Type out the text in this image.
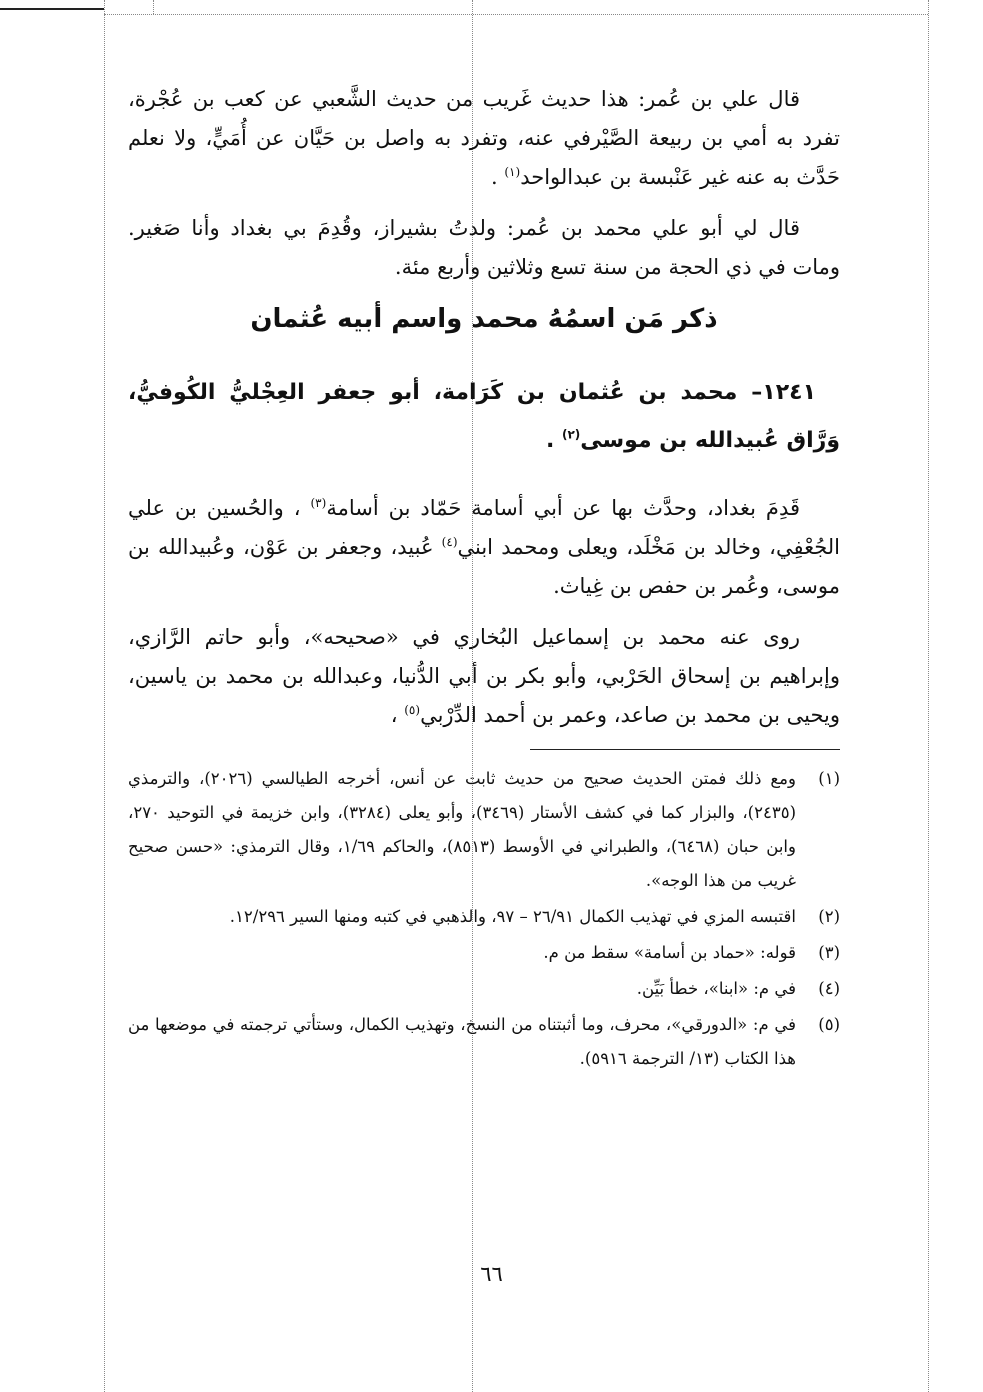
قال علي بن عُمر: هذا حديث غَريب من حديث الشَّعبي عن كعب بن عُجْرة، تفرد به أمي بن ربيعة الصَّيْرفي عنه، وتفرد به واصل بن حَيَّان عن أُمَيٍّ، ولا نعلم حَدَّث به عنه غير عَنْبسة بن عبدالواحد$^{(١)}$ .

قال لي أبو علي محمد بن عُمر: ولدتُ بشيراز، وقُدِمَ بي بغداد وأنا صَغير. ومات في ذي الحجة من سنة تسع وثلاثين وأربع مئة.

ذكر مَن اسمُهُ محمد واسم أبيه عُثمان

١٢٤١– محمد بن عُثمان بن كَرَامة، أبو جعفر العِجْليُّ الكُوفيُّ، وَرَّاق عُبيدالله بن موسى$^{(٢)}$ .

قَدِمَ بغداد، وحدَّث بها عن أبي أسامة حَمّاد بن أسامة$^{(٣)}$ ، والحُسين بن علي الجُعْفِي، وخالد بن مَخْلَد، ويعلى ومحمد ابني$^{(٤)}$ عُبيد، وجعفر بن عَوْن، وعُبيدالله بن موسى، وعُمر بن حفص بن غِياث.

روى عنه محمد بن إسماعيل البُخاري في «صحيحه»، وأبو حاتم الرَّازي، وإبراهيم بن إسحاق الحَرْبي، وأبو بكر بن أبي الدُّنيا، وعبدالله بن محمد بن ياسين، ويحيى بن محمد بن صاعد، وعمر بن أحمد الدِّرْبي$^{(٥)}$ ،

(١)
ومع ذلك فمتن الحديث صحيح من حديث ثابت عن أنس، أخرجه الطيالسي (٢٠٢٦)، والترمذي (٢٤٣٥)، والبزار كما في كشف الأستار (٣٤٦٩)، وأبو يعلى (٣٢٨٤)، وابن خزيمة في التوحيد ٢٧٠، وابن حبان (٦٤٦٨)، والطبراني في الأوسط (٨٥١٣)، والحاكم ١/٦٩، وقال الترمذي: «حسن صحيح غريب من هذا الوجه».
(٢)
اقتبسه المزي في تهذيب الكمال ٢٦/٩١ – ٩٧، والذهبي في كتبه ومنها السير ١٢/٢٩٦.
(٣)
قوله: «حماد بن أسامة» سقط من م.
(٤)
في م: «ابنا»، خطأ بَيِّن.
(٥)
في م: «الدورقي»، محرف، وما أثبتناه من النسخ، وتهذيب الكمال، وستأتي ترجمته في موضعها من هذا الكتاب (١٣/ الترجمة ٥٩١٦).
٦٦
